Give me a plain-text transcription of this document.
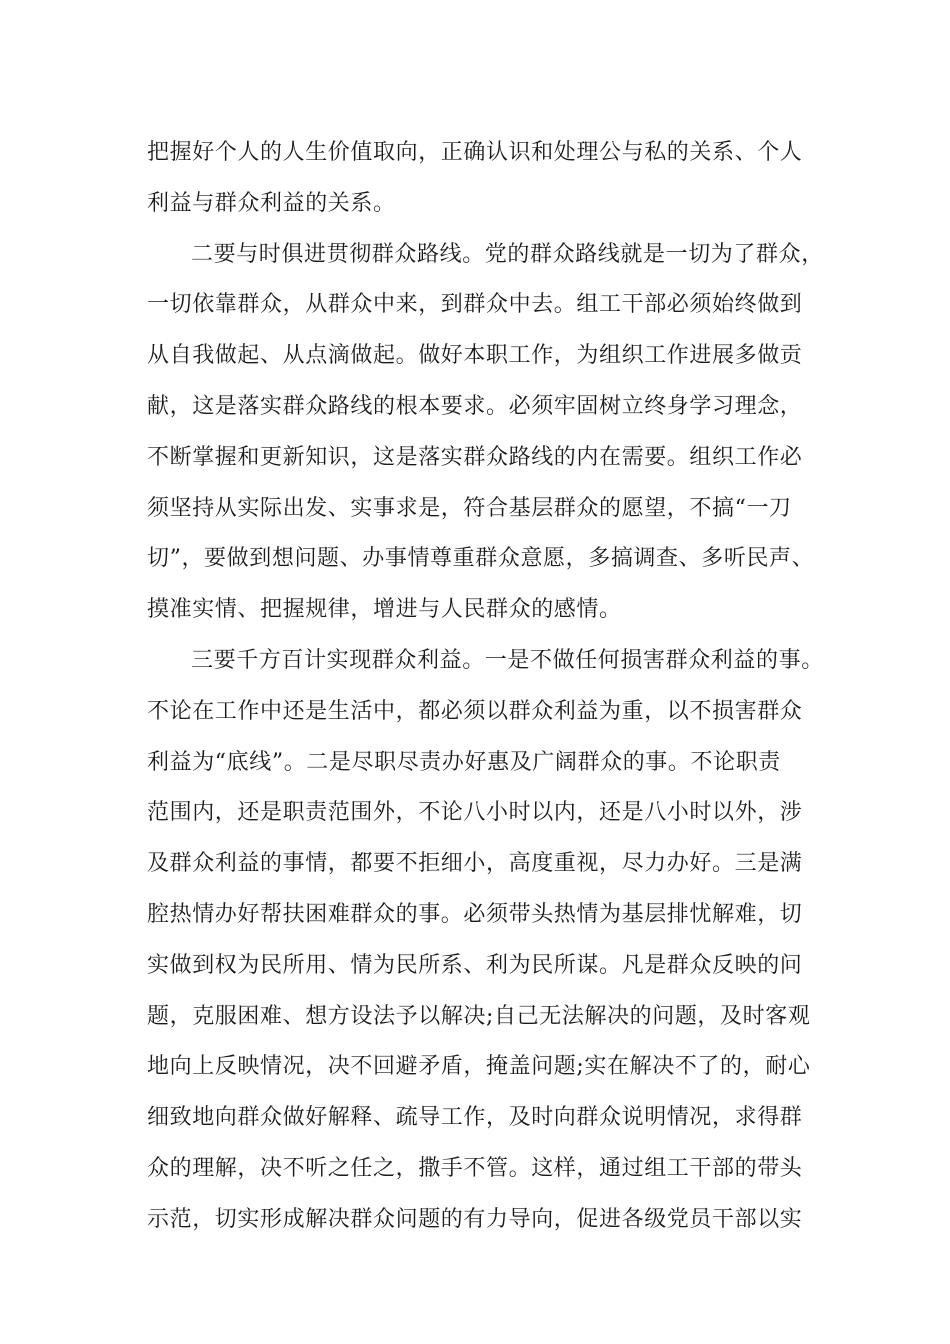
把握好个人的人生价值取向，正确认识和处理公与私的关系、个人
利益与群众利益的关系。
二要与时俱进贯彻群众路线。党的群众路线就是一切为了群众，
一切依靠群众，从群众中来，到群众中去。组工干部必须始终做到
从自我做起、从点滴做起。做好本职工作，为组织工作进展多做贡
献，这是落实群众路线的根本要求。必须牢固树立终身学习理念，
不断掌握和更新知识，这是落实群众路线的内在需要。组织工作必
须坚持从实际出发、实事求是，符合基层群众的愿望，不搞“一刀
切”，要做到想问题、办事情尊重群众意愿，多搞调查、多听民声、
摸准实情、把握规律，增进与人民群众的感情。
三要千方百计实现群众利益。一是不做任何损害群众利益的事。
不论在工作中还是生活中，都必须以群众利益为重，以不损害群众
利益为“底线”。二是尽职尽责办好惠及广阔群众的事。不论职责
范围内，还是职责范围外，不论八小时以内，还是八小时以外，涉
及群众利益的事情，都要不拒细小，高度重视，尽力办好。三是满
腔热情办好帮扶困难群众的事。必须带头热情为基层排忧解难，切
实做到权为民所用、情为民所系、利为民所谋。凡是群众反映的问
题，克服困难、想方设法予以解决;自己无法解决的问题，及时客观
地向上反映情况，决不回避矛盾，掩盖问题;实在解决不了的，耐心
细致地向群众做好解释、疏导工作，及时向群众说明情况，求得群
众的理解，决不听之任之，撒手不管。这样，通过组工干部的带头
示范，切实形成解决群众问题的有力导向，促进各级党员干部以实
